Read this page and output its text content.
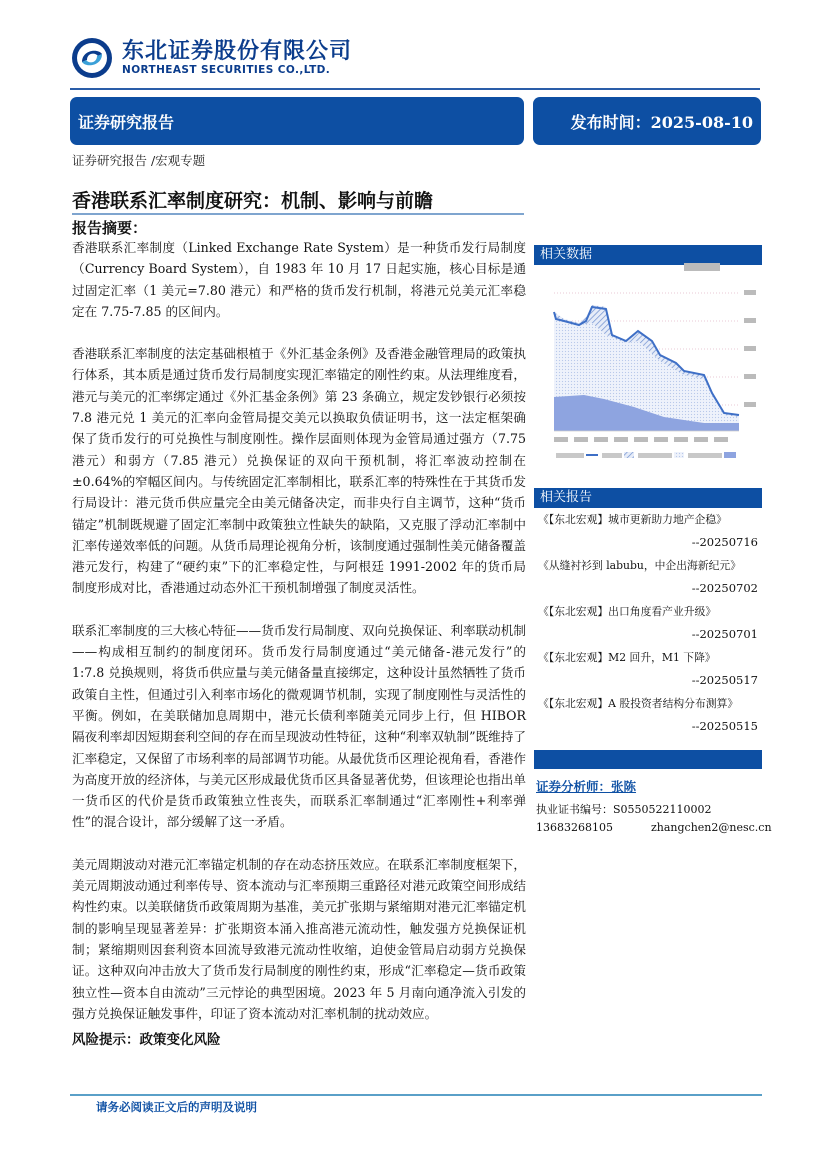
东北证券股份有限公司
NORTHEAST SECURITIES CO.,LTD.
证券研究报告	发布时间：2025-08-10
证券研究报告 /宏观专题
香港联系汇率制度研究：机制、影响与前瞻
报告摘要：

香港联系汇率制度（Linked Exchange Rate System）是一种货币发行局制度（Currency Board System），自 1983 年 10 月 17 日起实施，核心目标是通过固定汇率（1 美元=7.80 港元）和严格的货币发行机制，将港元兑美元汇率稳定在 7.75-7.85 的区间内。

香港联系汇率制度的法定基础根植于《外汇基金条例》及香港金融管理局的政策执行体系，其本质是通过货币发行局制度实现汇率锚定的刚性约束。从法理维度看，港元与美元的汇率绑定通过《外汇基金条例》第 23 条确立，规定发钞银行必须按 7.8 港元兑 1 美元的汇率向金管局提交美元以换取负债证明书，这一法定框架确保了货币发行的可兑换性与制度刚性。操作层面则体现为金管局通过强方（7.75 港元）和弱方（7.85 港元）兑换保证的双向干预机制，将汇率波动控制在±0.64%的窄幅区间内。与传统固定汇率制相比，联系汇率的特殊性在于其货币发行局设计：港元货币供应量完全由美元储备决定，而非央行自主调节，这种“货币锚定”机制既规避了固定汇率制中政策独立性缺失的缺陷，又克服了浮动汇率制中汇率传递效率低的问题。从货币局理论视角分析，该制度通过强制性美元储备覆盖港元发行，构建了“硬约束”下的汇率稳定性，与阿根廷 1991-2002 年的货币局制度形成对比，香港通过动态外汇干预机制增强了制度灵活性。

联系汇率制度的三大核心特征——货币发行局制度、双向兑换保证、利率联动机制——构成相互制约的制度闭环。货币发行局制度通过“美元储备-港元发行”的 1:7.8 兑换规则，将货币供应量与美元储备量直接绑定，这种设计虽然牺牲了货币政策自主性，但通过引入利率市场化的微观调节机制，实现了制度刚性与灵活性的平衡。例如，在美联储加息周期中，港元长债利率随美元同步上行，但 HIBOR 隔夜利率却因短期套利空间的存在而呈现波动性特征，这种“利率双轨制”既维持了汇率稳定，又保留了市场利率的局部调节功能。从最优货币区理论视角看，香港作为高度开放的经济体，与美元区形成最优货币区具备显著优势，但该理论也指出单一货币区的代价是货币政策独立性丧失，而联系汇率制通过“汇率刚性+利率弹性”的混合设计，部分缓解了这一矛盾。

美元周期波动对港元汇率锚定机制的存在动态挤压效应。在联系汇率制度框架下，美元周期波动通过利率传导、资本流动与汇率预期三重路径对港元政策空间形成结构性约束。以美联储货币政策周期为基准，美元扩张期与紧缩期对港元汇率锚定机制的影响呈现显著差异：扩张期资本涌入推高港元流动性，触发强方兑换保证机制；紧缩期则因套利资本回流导致港元流动性收缩，迫使金管局启动弱方兑换保证。这种双向冲击放大了货币发行局制度的刚性约束，形成“汇率稳定—货币政策独立性—资本自由流动”三元悖论的典型困境。2023 年 5 月南向通净流入引发的强方兑换保证触发事件，印证了资本流动对汇率机制的扰动效应。

风险提示：政策变化风险
相关数据
相关报告
《【东北宏观】城市更新助力地产企稳》
--20250716
《从缝衬衫到 labubu，中企出海新纪元》
--20250702
《【东北宏观】出口角度看产业升级》
--20250701
《【东北宏观】M2 回升，M1 下降》
--20250517
《【东北宏观】A 股投资者结构分布测算》
--20250515
证券分析师：张陈
执业证书编号：S0550522110002
13683268105	zhangchen2@nesc.cn
请务必阅读正文后的声明及说明
